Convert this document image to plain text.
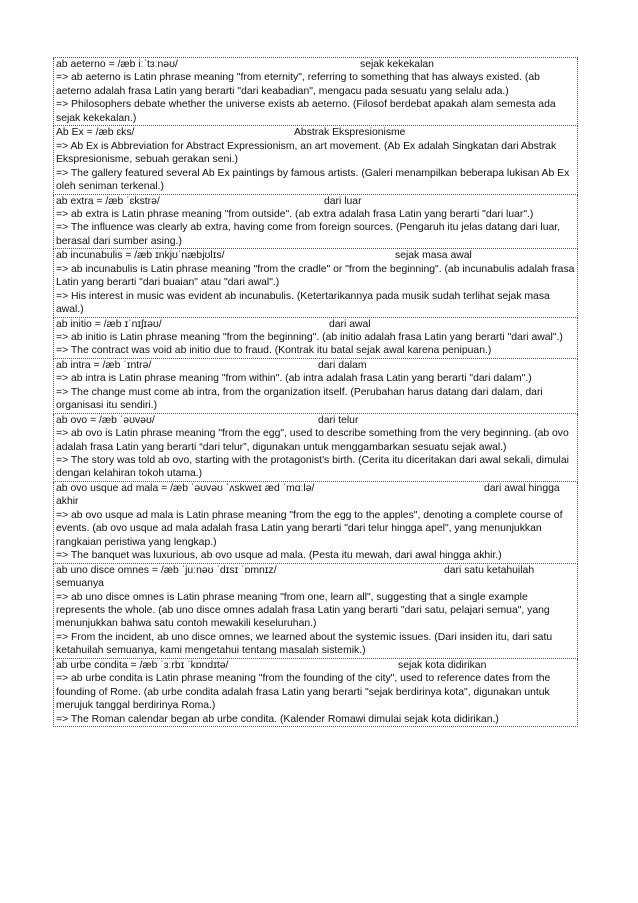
ab aeterno = /æb iːˈtɜːnəʊ/	sejak kekekalan

=> ab aeterno is Latin phrase meaning "from eternity", referring to something that has always existed. (ab aeterno adalah frasa Latin yang berarti "dari keabadian", mengacu pada sesuatu yang selalu ada.)

=> Philosophers debate whether the universe exists ab aeterno. (Filosof berdebat apakah alam semesta ada sejak kekekalan.)

Ab Ex = /æb ɛks/	Abstrak Ekspresionisme

=> Ab Ex is Abbreviation for Abstract Expressionism, an art movement. (Ab Ex adalah Singkatan dari Abstrak Ekspresionisme, sebuah gerakan seni.)

=> The gallery featured several Ab Ex paintings by famous artists. (Galeri menampilkan beberapa lukisan Ab Ex oleh seniman terkenal.)

ab extra = /æb ˈɛkstrə/	dari luar

=> ab extra is Latin phrase meaning "from outside". (ab extra adalah frasa Latin yang berarti "dari luar".)

=> The influence was clearly ab extra, having come from foreign sources. (Pengaruh itu jelas datang dari luar, berasal dari sumber asing.)

ab incunabulis = /æb ɪnkjʊˈnæbjʊlɪs/	sejak masa awal

=> ab incunabulis is Latin phrase meaning "from the cradle" or "from the beginning". (ab incunabulis adalah frasa Latin yang berarti "dari buaian" atau "dari awal".)

=> His interest in music was evident ab incunabulis. (Ketertarikannya pada musik sudah terlihat sejak masa awal.)

ab initio = /æb ɪˈnɪʃɪəʊ/	dari awal

=> ab initio is Latin phrase meaning "from the beginning". (ab initio adalah frasa Latin yang berarti "dari awal".)

=> The contract was void ab initio due to fraud. (Kontrak itu batal sejak awal karena penipuan.)

ab intra = /æb ˈɪntrə/	dari dalam

=> ab intra is Latin phrase meaning "from within". (ab intra adalah frasa Latin yang berarti "dari dalam".)

=> The change must come ab intra, from the organization itself. (Perubahan harus datang dari dalam, dari organisasi itu sendiri.)

ab ovo = /æb ˈəʊvəʊ/	dari telur

=> ab ovo is Latin phrase meaning "from the egg", used to describe something from the very beginning. (ab ovo adalah frasa Latin yang berarti “dari telur”, digunakan untuk menggambarkan sesuatu sejak awal.)

=> The story was told ab ovo, starting with the protagonist's birth. (Cerita itu diceritakan dari awal sekali, dimulai dengan kelahiran tokoh utama.)

ab ovo usque ad mala = /æb ˈəʊvəʊ ˈʌskweɪ æd ˈmɑːlə/	dari awal hingga akhir

=> ab ovo usque ad mala is Latin phrase meaning "from the egg to the apples", denoting a complete course of events. (ab ovo usque ad mala adalah frasa Latin yang berarti "dari telur hingga apel", yang menunjukkan rangkaian peristiwa yang lengkap.)

=> The banquet was luxurious, ab ovo usque ad mala. (Pesta itu mewah, dari awal hingga akhir.)

ab uno disce omnes = /æb ˈjuːnəʊ ˈdɪsɪ ˈɒmnɪz/	dari satu ketahuilah semuanya

=> ab uno disce omnes is Latin phrase meaning "from one, learn all", suggesting that a single example represents the whole. (ab uno disce omnes adalah frasa Latin yang berarti "dari satu, pelajari semua", yang menunjukkan bahwa satu contoh mewakili keseluruhan.)

=> From the incident, ab uno disce omnes, we learned about the systemic issues. (Dari insiden itu, dari satu ketahuilah semuanya, kami mengetahui tentang masalah sistemik.)

ab urbe condita = /æb ˈɜːrbɪ ˈkɒndɪtə/	sejak kota didirikan

=> ab urbe condita is Latin phrase meaning "from the founding of the city", used to reference dates from the founding of Rome. (ab urbe condita adalah frasa Latin yang berarti "sejak berdirinya kota", digunakan untuk merujuk tanggal berdirinya Roma.)

=> The Roman calendar began ab urbe condita. (Kalender Romawi dimulai sejak kota didirikan.)
